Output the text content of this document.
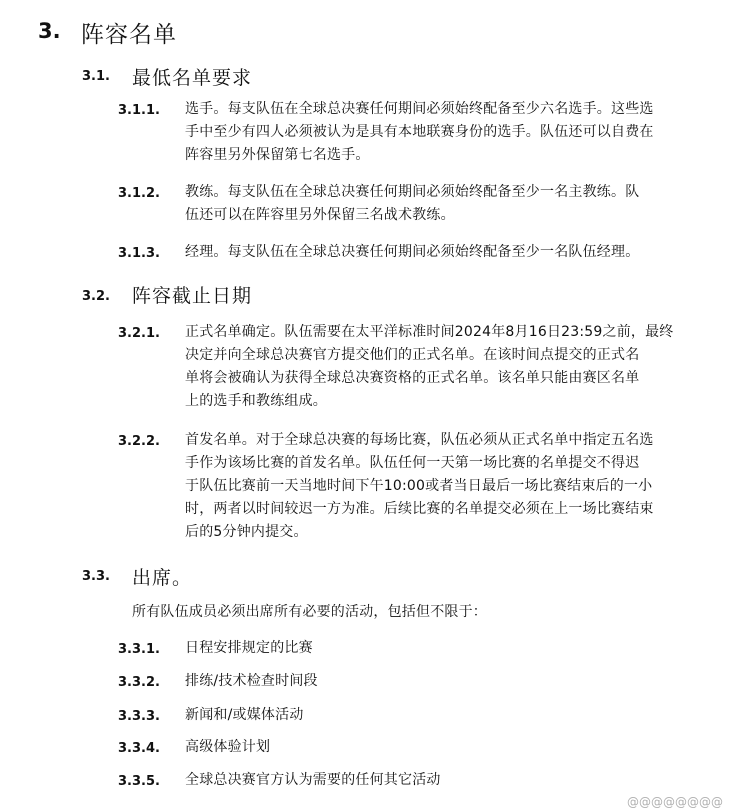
3. 阵容名单
3.1. 最低名单要求
3.1.1. 选手。每支队伍在全球总决赛任何期间必须始终配备至少六名选手。这些选
手中至少有四人必须被认为是具有本地联赛身份的选手。队伍还可以自费在
阵容里另外保留第七名选手。
3.1.2. 教练。每支队伍在全球总决赛任何期间必须始终配备至少一名主教练。队
伍还可以在阵容里另外保留三名战术教练。
3.1.3. 经理。每支队伍在全球总决赛任何期间必须始终配备至少一名队伍经理。
3.2. 阵容截止日期
3.2.1. 正式名单确定。队伍需要在太平洋标准时间2024年8月16日23:59之前，最终
决定并向全球总决赛官方提交他们的正式名单。在该时间点提交的正式名
单将会被确认为获得全球总决赛资格的正式名单。该名单只能由赛区名单
上的选手和教练组成。
3.2.2. 首发名单。对于全球总决赛的每场比赛，队伍必须从正式名单中指定五名选
手作为该场比赛的首发名单。队伍任何一天第一场比赛的名单提交不得迟
于队伍比赛前一天当地时间下午10:00或者当日最后一场比赛结束后的一小
时，两者以时间较迟一方为准。后续比赛的名单提交必须在上一场比赛结束
后的5分钟内提交。
3.3. 出席。
所有队伍成员必须出席所有必要的活动，包括但不限于：
3.3.1. 日程安排规定的比赛
3.3.2. 排练/技术检查时间段
3.3.3. 新闻和/或媒体活动
3.3.4. 高级体验计划
3.3.5. 全球总决赛官方认为需要的任何其它活动
@@@@@@@@
